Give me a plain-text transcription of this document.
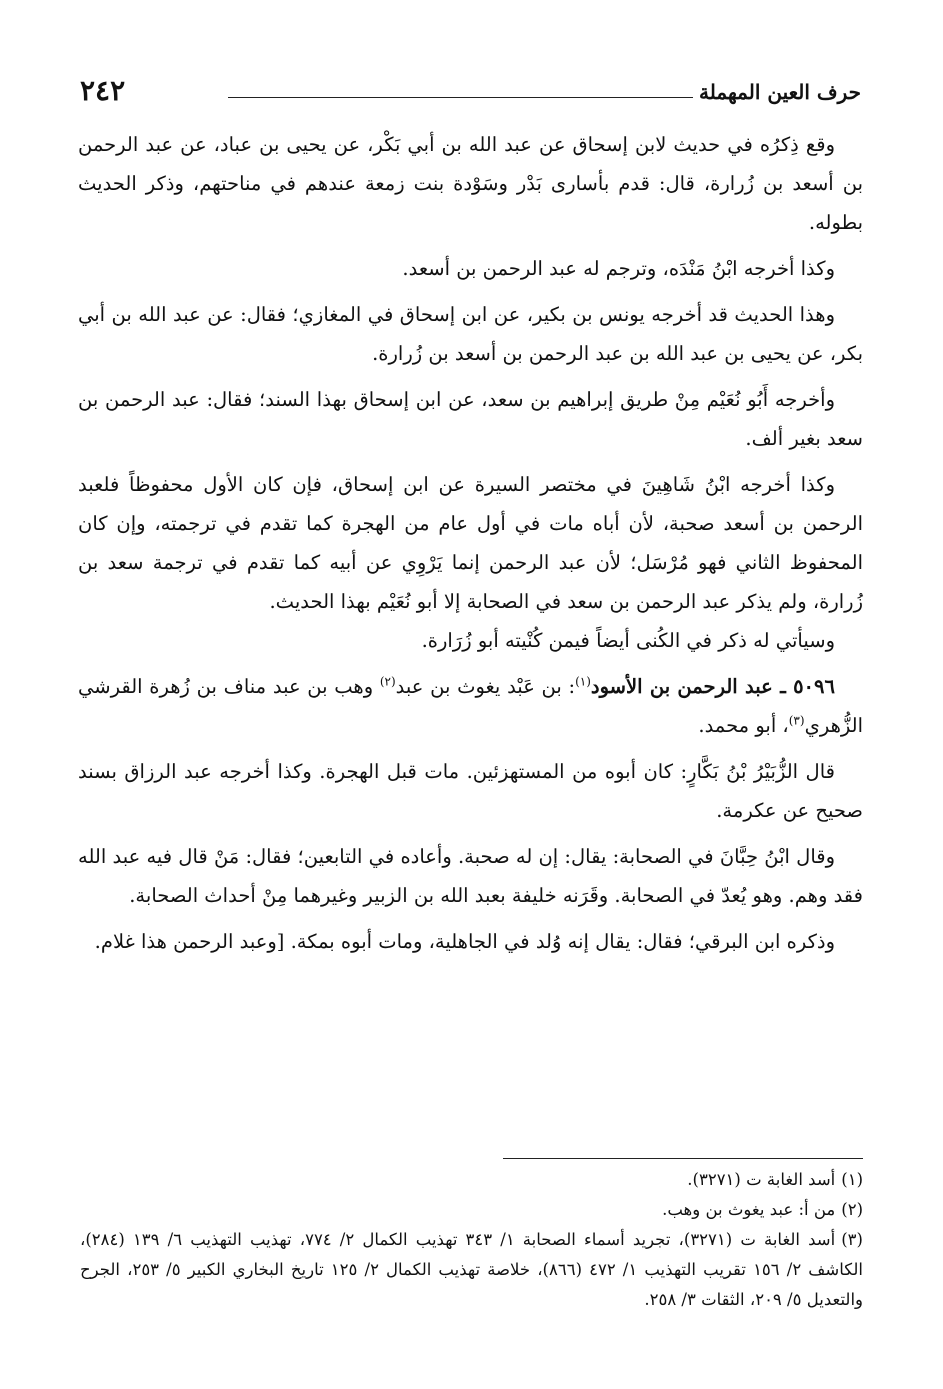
٢٤٢	حرف العين المهملة

وقع ذِكرُه في حديث لابن إسحاق عن عبد الله بن أبي بَكْر، عن يحيى بن عباد، عن عبد الرحمن بن أسعد بن زُرارة، قال: قدم بأسارى بَدْر وسَوْدة بنت زمعة عندهم في مناحتهم، وذكر الحديث بطوله.

وكذا أخرجه ابْنُ مَنْدَه، وترجم له عبد الرحمن بن أسعد.

وهذا الحديث قد أخرجه يونس بن بكير، عن ابن إسحاق في المغازي؛ فقال: عن عبد الله بن أبي بكر، عن يحيى بن عبد الله بن عبد الرحمن بن أسعد بن زُرارة.

وأخرجه أَبُو نُعَيْم مِنْ طريق إبراهيم بن سعد، عن ابن إسحاق بهذا السند؛ فقال: عبد الرحمن بن سعد بغير ألف.

وكذا أخرجه ابْنُ شَاهِينَ في مختصر السيرة عن ابن إسحاق، فإن كان الأول محفوظاً فلعبد الرحمن بن أسعد صحبة، لأن أباه مات في أول عام من الهجرة كما تقدم في ترجمته، وإن كان المحفوظ الثاني فهو مُرْسَل؛ لأن عبد الرحمن إنما يَرْوِي عن أبيه كما تقدم في ترجمة سعد بن زُرارة، ولم يذكر عبد الرحمن بن سعد في الصحابة إلا أبو نُعَيْم بهذا الحديث.

وسيأتي له ذكر في الكُنى أيضاً فيمن كُنْيته أبو زُرَارة.

٥٠٩٦ ـ عبد الرحمن بن الأسود$^{(١)}$: بن عَبْد يغوث بن عبد$^{(٢)}$ وهب بن عبد مناف بن زُهرة القرشي الزُّهري$^{(٣)}$، أبو محمد.

قال الزُّبَيْرُ بْنُ بَكَّارٍ: كان أبوه من المستهزئين. مات قبل الهجرة. وكذا أخرجه عبد الرزاق بسند صحيح عن عكرمة.

وقال ابْنُ حِبَّانَ في الصحابة: يقال: إن له صحبة. وأعاده في التابعين؛ فقال: مَنْ قال فيه عبد الله فقد وهم. وهو يُعدّ في الصحابة. وقَرَنه خليفة بعبد الله بن الزبير وغيرهما مِنْ أحداث الصحابة.

وذكره ابن البرقي؛ فقال: يقال إنه وُلد في الجاهلية، ومات أبوه بمكة. [وعبد الرحمن هذا غلام.

(١)أسد الغابة ت (٣٢٧١).

(٢)من أ: عبد يغوث بن وهب.

(٣)أسد الغابة ت (٣٢٧١)، تجريد أسماء الصحابة ١/ ٣٤٣ تهذيب الكمال ٢/ ٧٧٤، تهذيب التهذيب ٦/ ١٣٩ (٢٨٤)، الكاشف ٢/ ١٥٦ تقريب التهذيب ١/ ٤٧٢ (٨٦٦)، خلاصة تهذيب الكمال ٢/ ١٢٥ تاريخ البخاري الكبير ٥/ ٢٥٣، الجرح والتعديل ٥/ ٢٠٩، الثقات ٣/ ٢٥٨.
